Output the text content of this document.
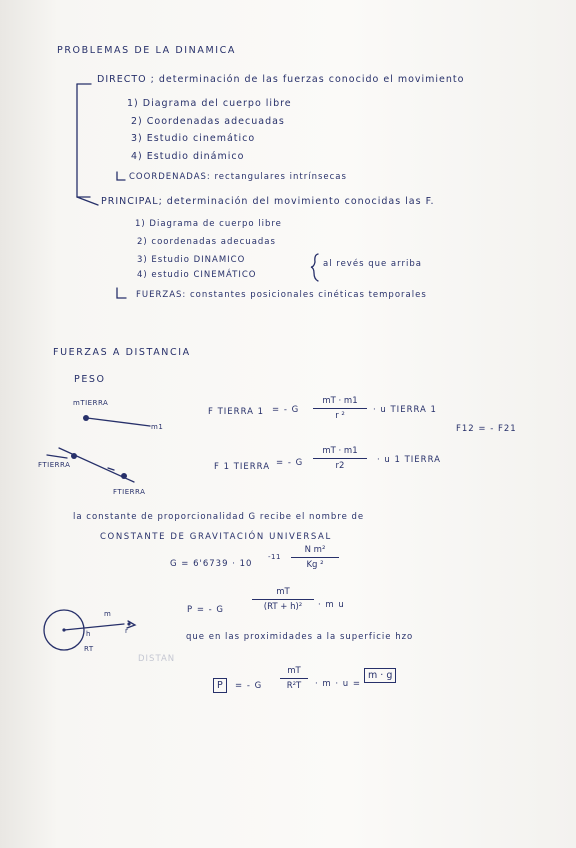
PROBLEMAS DE LA DINAMICA
DIRECTO ; determinación de las fuerzas conocido el movimiento
1) Diagrama del cuerpo libre
2) Coordenadas adecuadas
3) Estudio cinemático
4) Estudio dinámico
COORDENADAS: rectangulares intrínsecas
PRINCIPAL; determinación del movimiento conocidas las F.
1) Diagrama de cuerpo libre
2) coordenadas adecuadas
3) Estudio DINAMICO
4) estudio CINEMÁTICO
al revés que arriba
FUERZAS: constantes posicionales cinéticas temporales
FUERZAS A DISTANCIA
PESO
mTIERRA
m1
FTIERRA
FTIERRA
F TIERRA 1 = - G $\frac{mT \cdot m1}{\text{r ²}} \cdot u$ TIERRA 1
F12 = - F21
F 1 TIERRA = - G $\frac{mT \cdot m1}{r2} \cdot u$ 1 TIERRA
la constante de proporcionalidad G recibe el nombre de
CONSTANTE DE GRAVITACIÓN UNIVERSAL
G = 6'6739 · 10
$-11 \frac{\text{N m²}}{\text{Kg ²}}$
m
r
h
RT
P = - G	$\frac{mT}{\text{(RT + h)²}} \cdot m$ u
que en las proximidades a la superficie hzo
DISTAN
P	= - G $\frac{mT}{\text{R²T}} \cdot m \cdot u$ =
m · g
